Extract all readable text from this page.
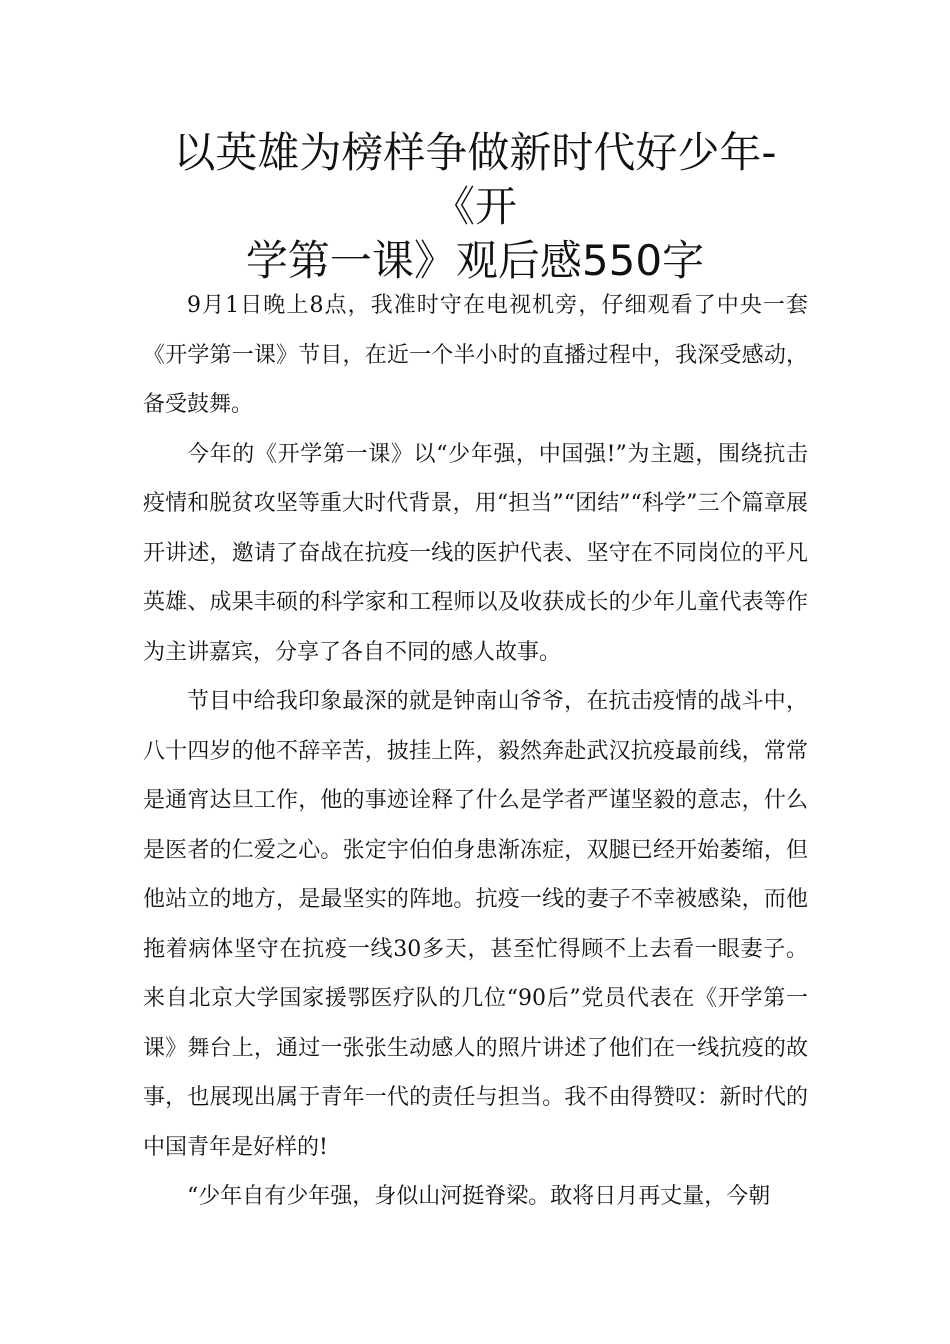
以英雄为榜样争做新时代好少年-《开
学第一课》观后感550字

9月1日晚上8点，我准时守在电视机旁，仔细观看了中央一套《开学第一课》节目，在近一个半小时的直播过程中，我深受感动，备受鼓舞。

今年的《开学第一课》以“少年强，中国强!”为主题，围绕抗击疫情和脱贫攻坚等重大时代背景，用“担当”“团结”“科学”三个篇章展开讲述，邀请了奋战在抗疫一线的医护代表、坚守在不同岗位的平凡英雄、成果丰硕的科学家和工程师以及收获成长的少年儿童代表等作为主讲嘉宾，分享了各自不同的感人故事。

节目中给我印象最深的就是钟南山爷爷，在抗击疫情的战斗中，八十四岁的他不辞辛苦，披挂上阵，毅然奔赴武汉抗疫最前线，常常是通宵达旦工作，他的事迹诠释了什么是学者严谨坚毅的意志，什么是医者的仁爱之心。张定宇伯伯身患渐冻症，双腿已经开始萎缩，但他站立的地方，是最坚实的阵地。抗疫一线的妻子不幸被感染，而他拖着病体坚守在抗疫一线30多天，甚至忙得顾不上去看一眼妻子。来自北京大学国家援鄂医疗队的几位“90后”党员代表在《开学第一课》舞台上，通过一张张生动感人的照片讲述了他们在一线抗疫的故事，也展现出属于青年一代的责任与担当。我不由得赞叹：新时代的中国青年是好样的!

“少年自有少年强，身似山河挺脊梁。敢将日月再丈量，今朝
